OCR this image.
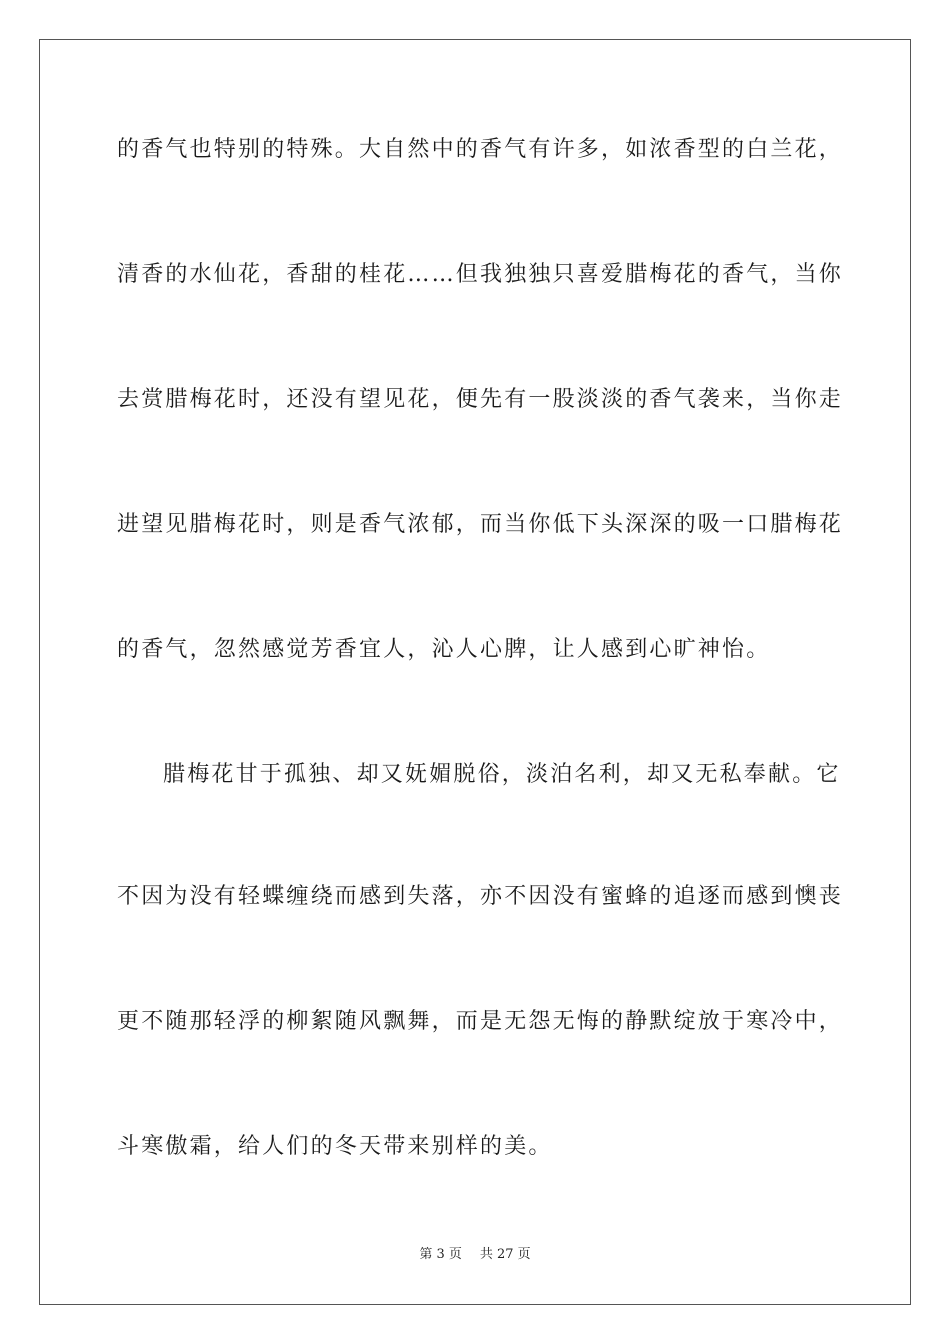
的香气也特别的特殊。大自然中的香气有许多，如浓香型的白兰花，
清香的水仙花，香甜的桂花……但我独独只喜爱腊梅花的香气，当你
去赏腊梅花时，还没有望见花，便先有一股淡淡的香气袭来，当你走
进望见腊梅花时，则是香气浓郁，而当你低下头深深的吸一口腊梅花
的香气，忽然感觉芳香宜人，沁人心脾，让人感到心旷神怡。
腊梅花甘于孤独、却又妩媚脱俗，淡泊名利，却又无私奉献。它
不因为没有轻蝶缠绕而感到失落，亦不因没有蜜蜂的追逐而感到懊丧
更不随那轻浮的柳絮随风飘舞，而是无怨无悔的静默绽放于寒冷中，
斗寒傲霜，给人们的冬天带来别样的美。
第 3 页 共 27 页
